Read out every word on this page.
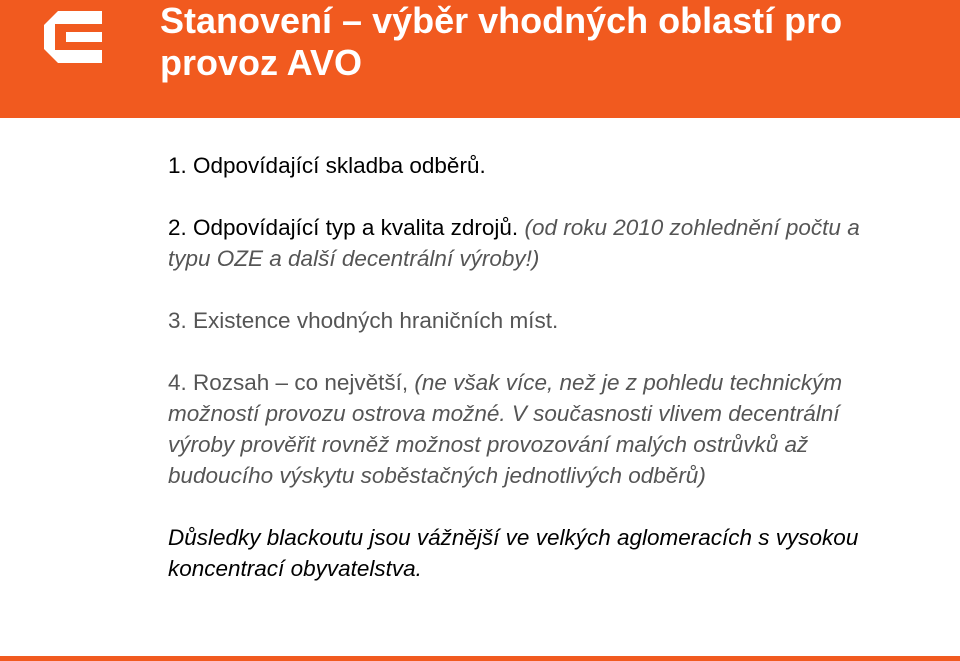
Stanovení – výběr vhodných oblastí pro provoz AVO

1. Odpovídající skladba odběrů.

2. Odpovídající typ a kvalita zdrojů. (od roku 2010 zohlednění počtu a typu OZE a další decentrální výroby!)

3. Existence vhodných hraničních míst.

4. Rozsah – co největší, (ne však více, než je z pohledu technickým možností provozu ostrova možné. V současnosti vlivem decentrální výroby prověřit rovněž možnost provozování malých ostrůvků až budoucího výskytu soběstačných jednotlivých odběrů)

Důsledky blackoutu jsou vážnější ve velkých aglomeracích s vysokou koncentrací obyvatelstva.
